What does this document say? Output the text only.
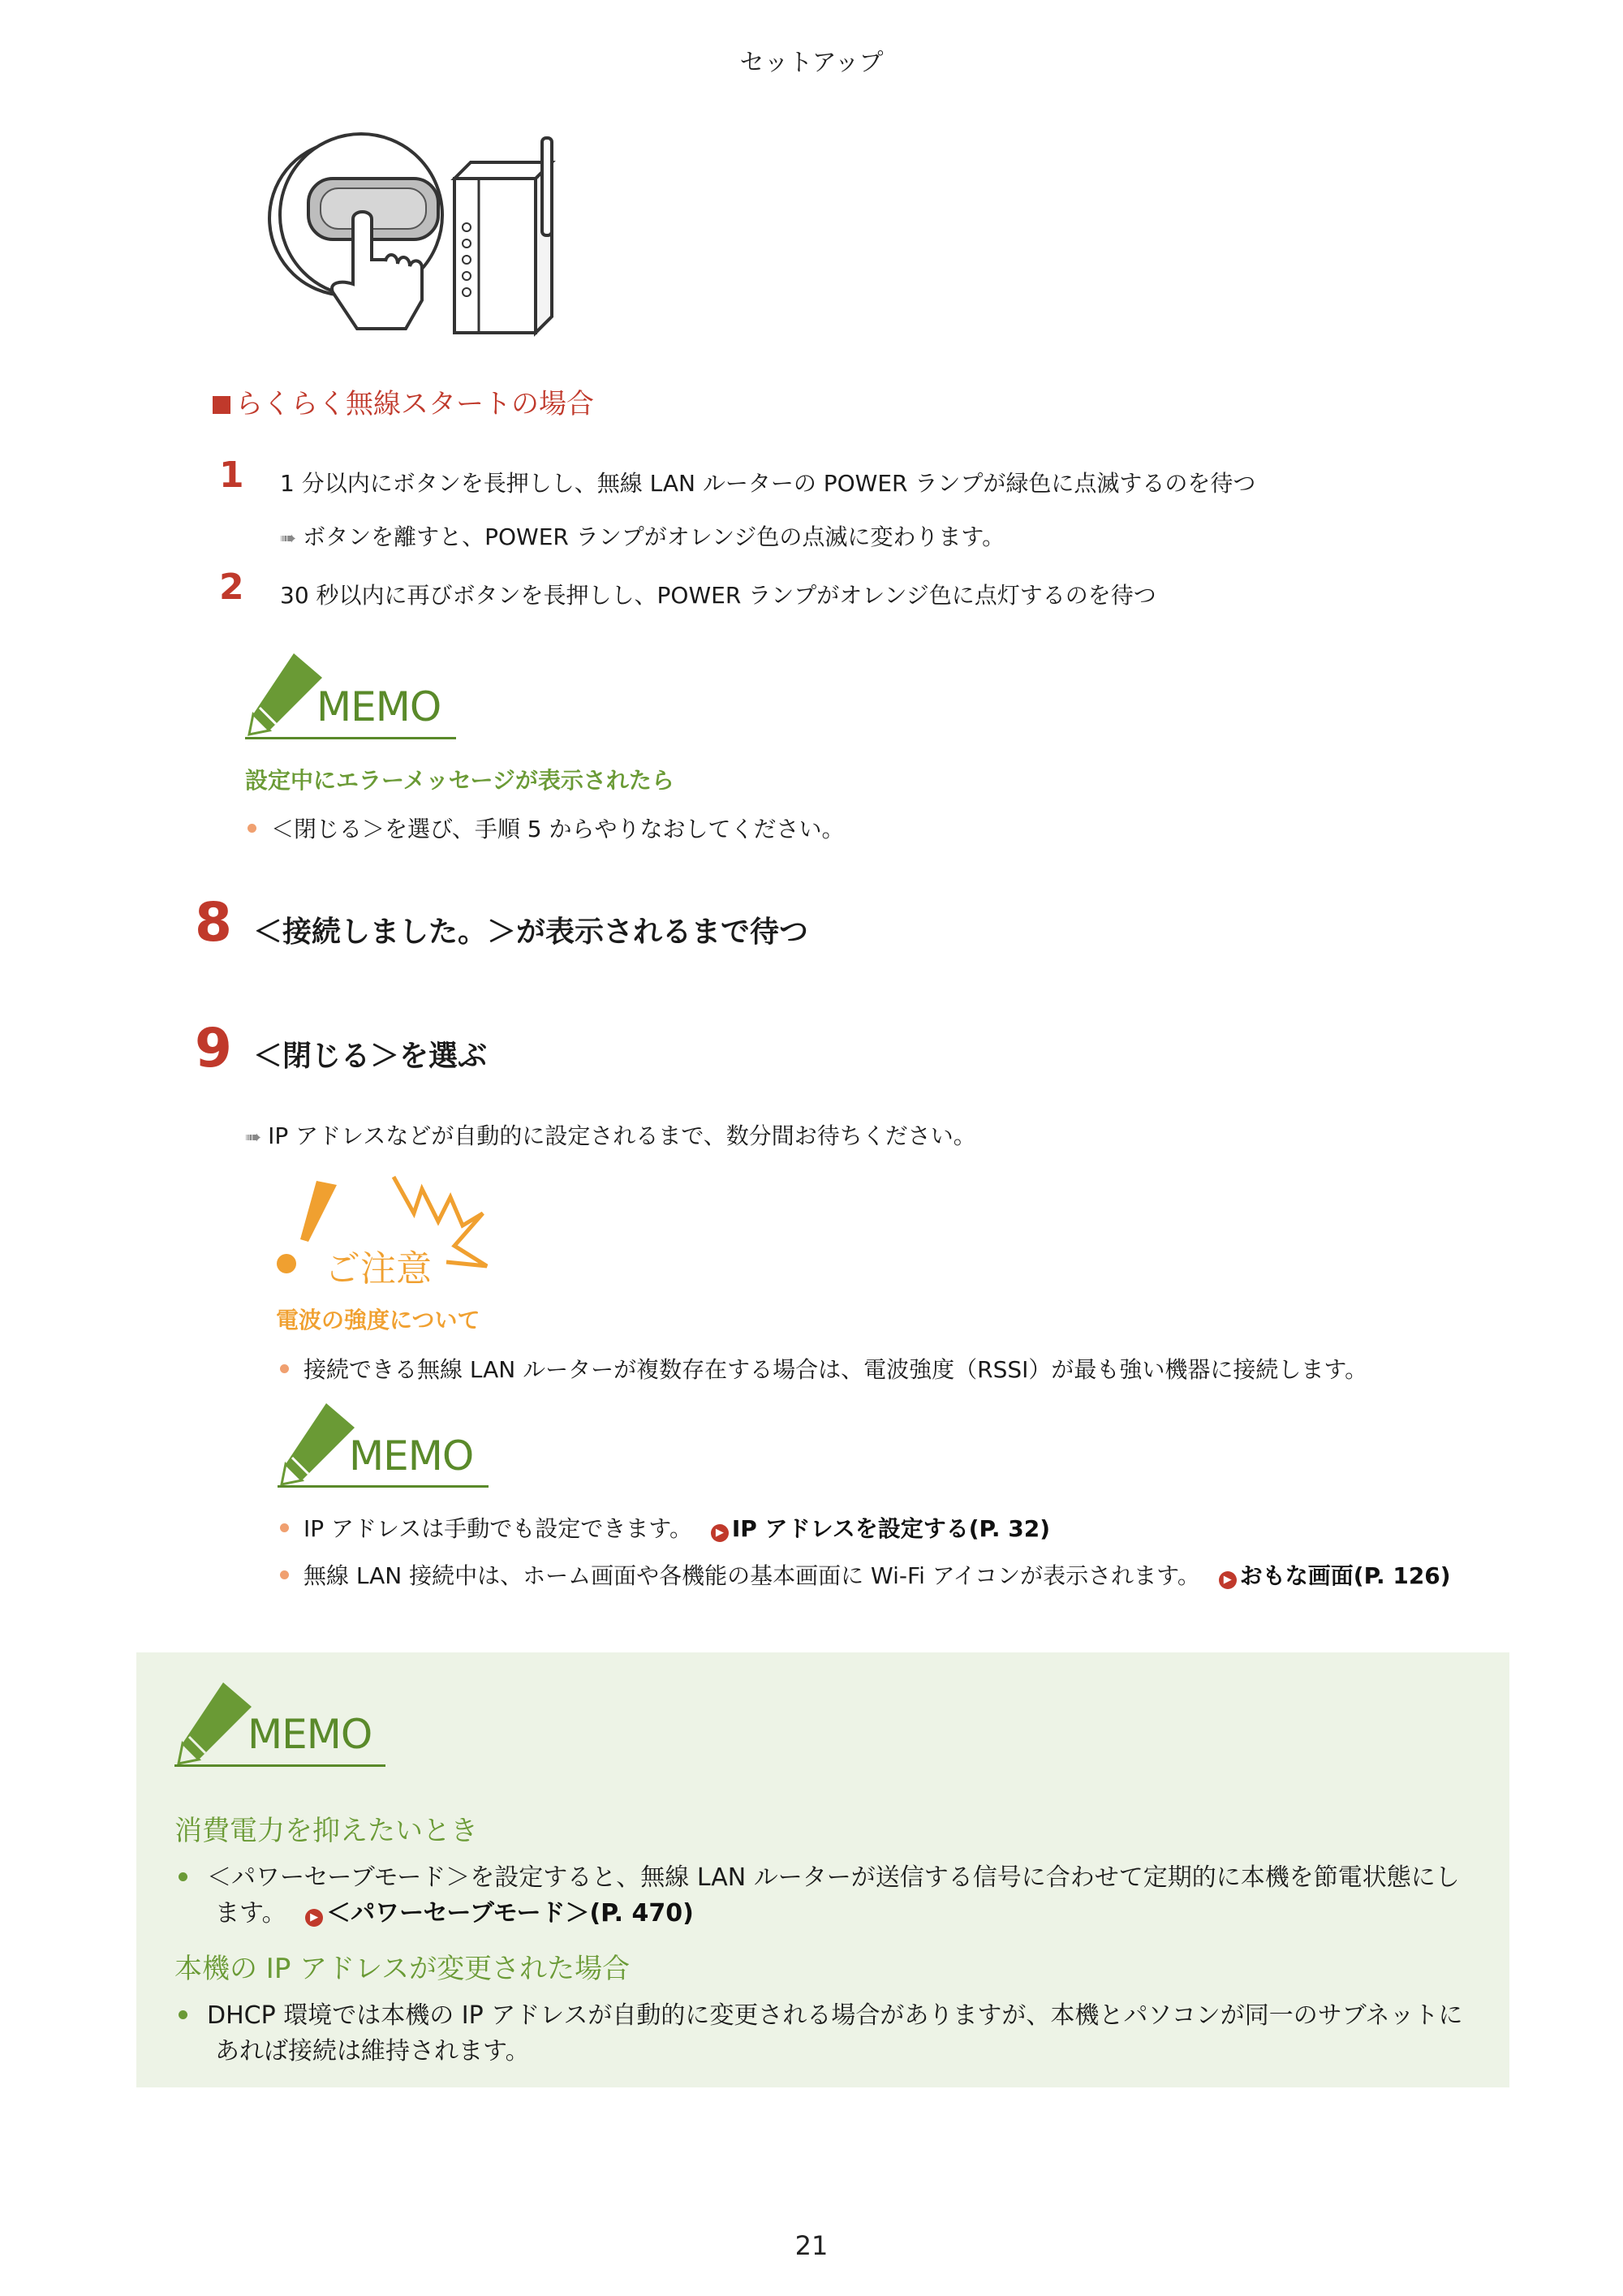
セットアップ
らくらく無線スタートの場合
1 1 分以内にボタンを長押しし、無線 LAN ルーターの POWER ランプが緑色に点滅するのを待つ
➠ ボタンを離すと、POWER ランプがオレンジ色の点滅に変わります。
2 30 秒以内に再びボタンを長押しし、POWER ランプがオレンジ色に点灯するのを待つ
MEMO
設定中にエラーメッセージが表示されたら
＜閉じる＞を選び、手順 5 からやりなおしてください。
8 ＜接続しました。＞が表示されるまで待つ
9 ＜閉じる＞を選ぶ
➠ IP アドレスなどが自動的に設定されるまで、数分間お待ちください。
ご注意
電波の強度について
接続できる無線 LAN ルーターが複数存在する場合は、電波強度（RSSI）が最も強い機器に接続します。
MEMO
IP アドレスは手動でも設定できます。 ▶ IP アドレスを設定する(P. 32)
無線 LAN 接続中は、ホーム画面や各機能の基本画面に Wi-Fi アイコンが表示されます。 ▶ おもな画面(P. 126)
MEMO
消費電力を抑えたいとき
＜パワーセーブモード＞を設定すると、無線 LAN ルーターが送信する信号に合わせて定期的に本機を節電状態にし
ます。 ▶ ＜パワーセーブモード＞(P. 470)
本機の IP アドレスが変更された場合
DHCP 環境では本機の IP アドレスが自動的に変更される場合がありますが、本機とパソコンが同一のサブネットに
あれば接続は維持されます。
21
